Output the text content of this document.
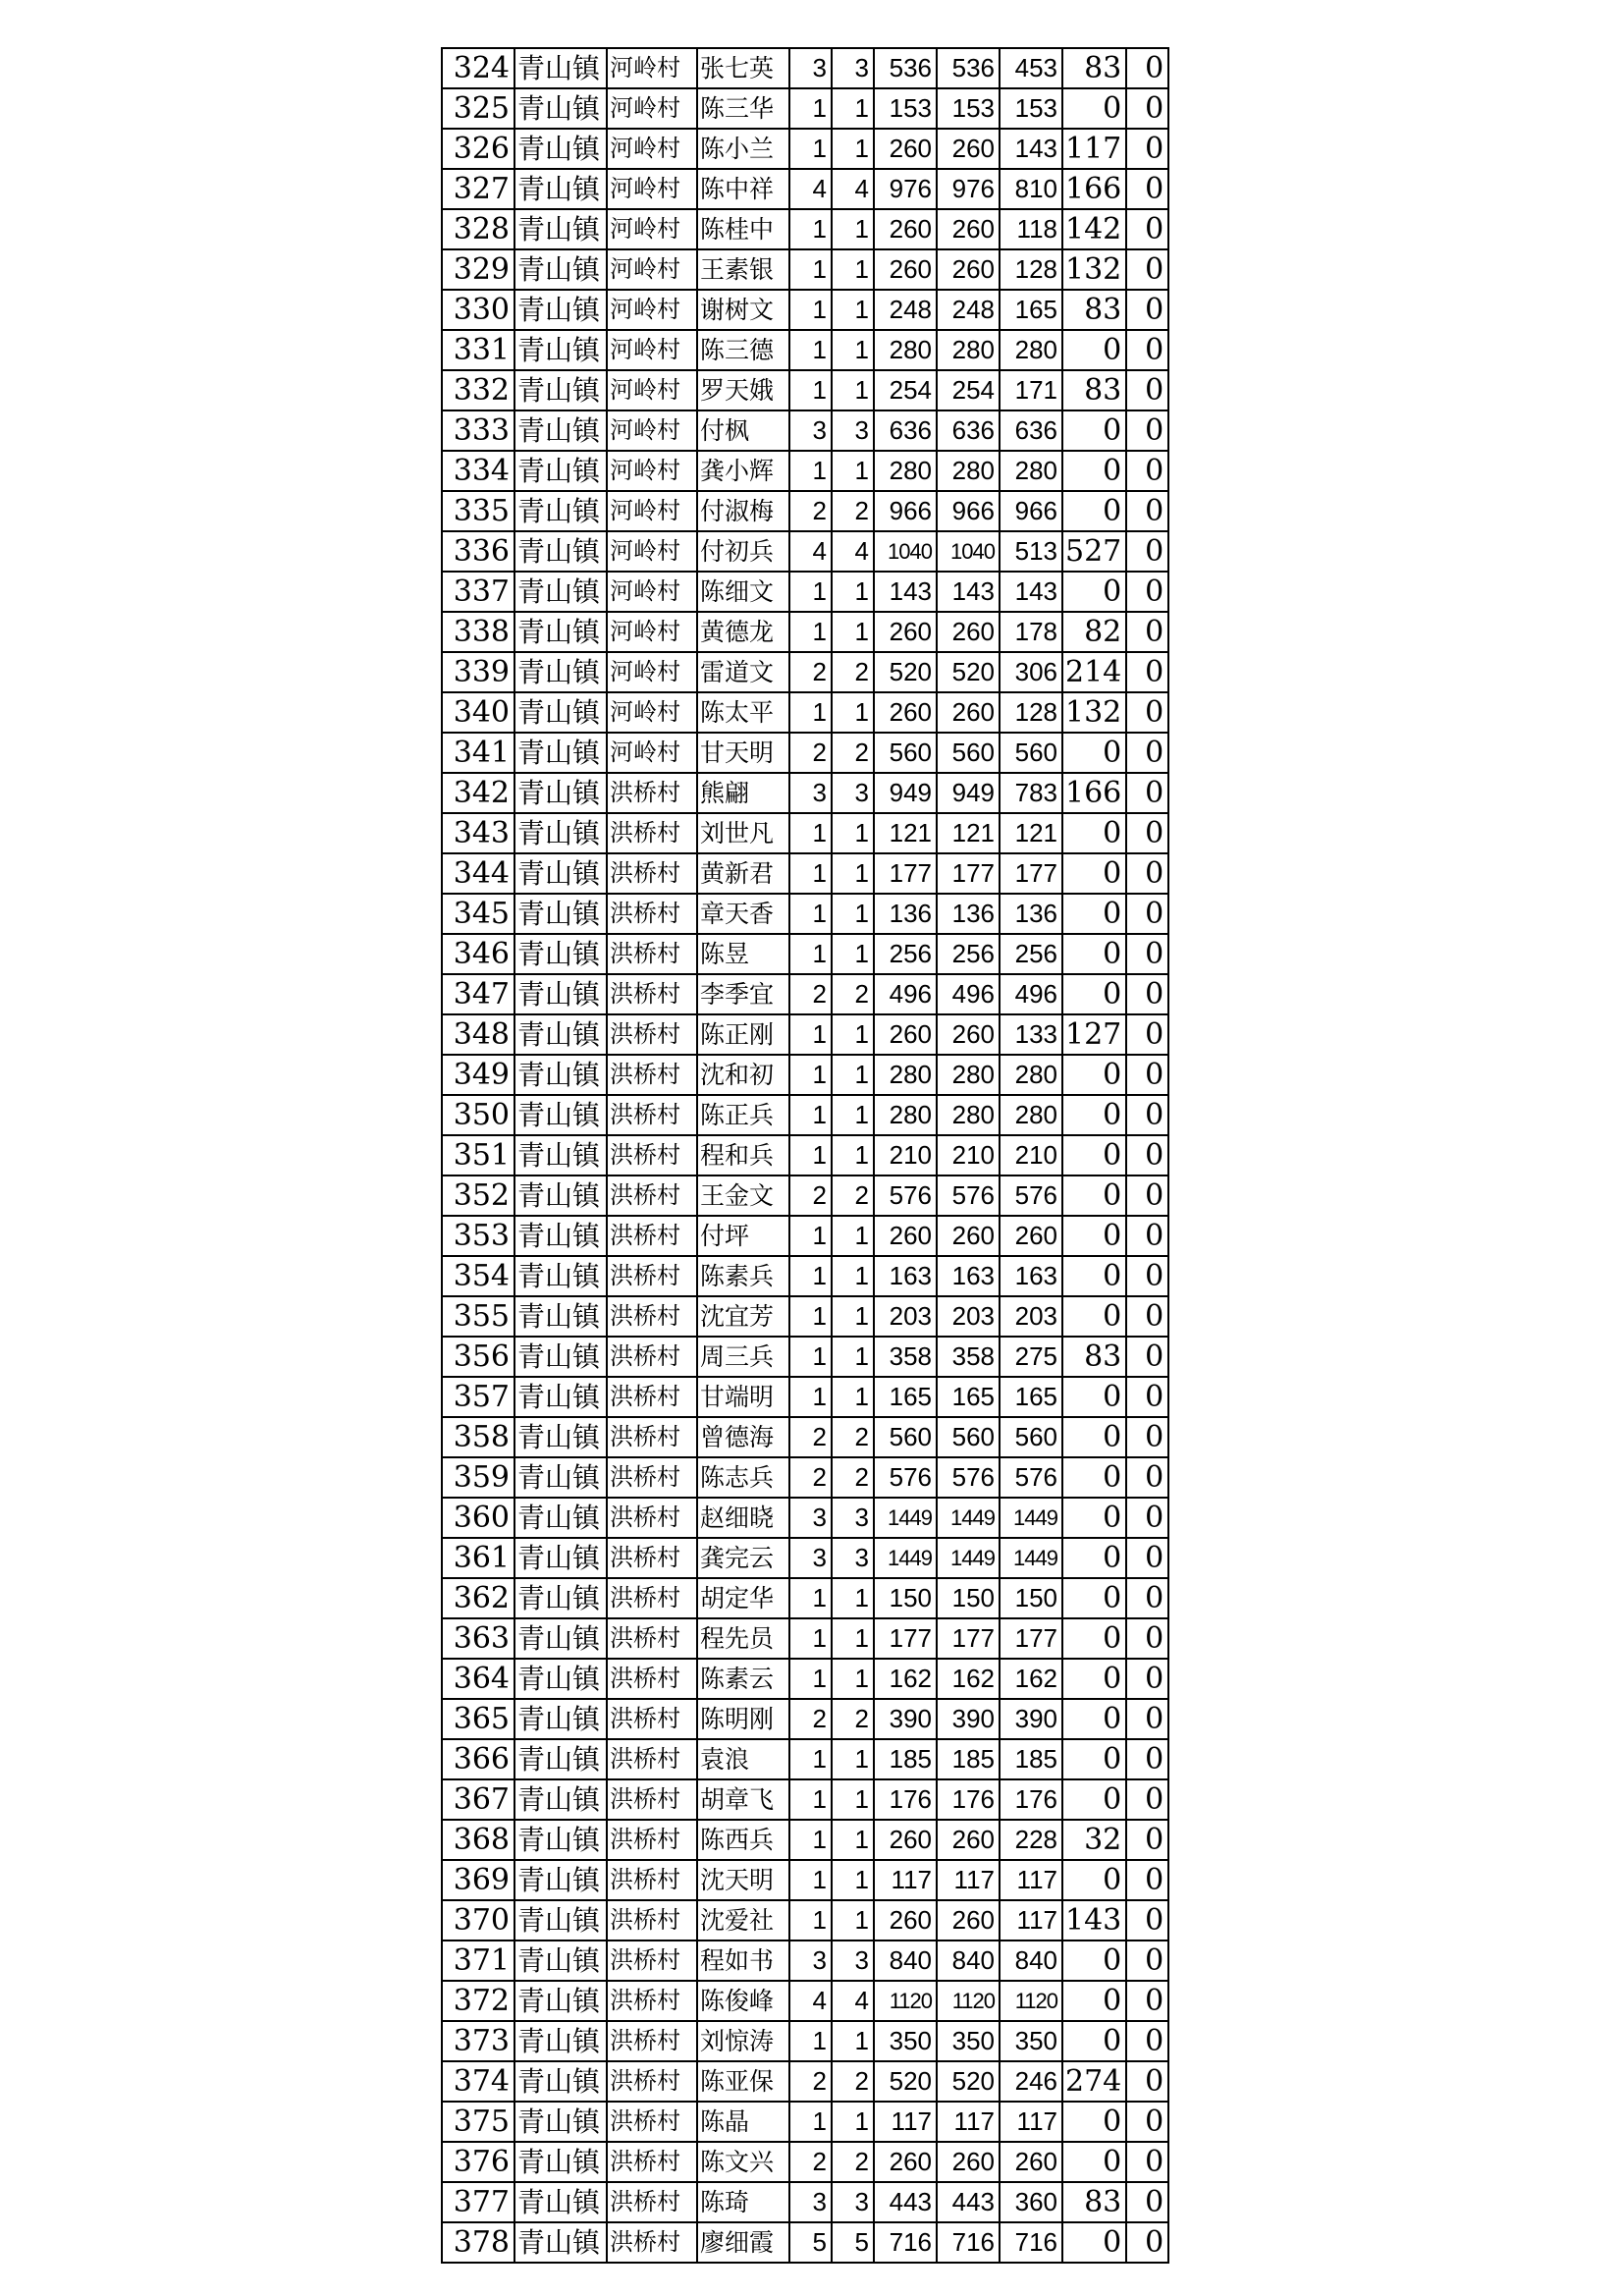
324	青山镇	河岭村	张七英	3	3	536	536	453	83	0
325	青山镇	河岭村	陈三华	1	1	153	153	153	0	0
326	青山镇	河岭村	陈小兰	1	1	260	260	143	117	0
327	青山镇	河岭村	陈中祥	4	4	976	976	810	166	0
328	青山镇	河岭村	陈桂中	1	1	260	260	118	142	0
329	青山镇	河岭村	王素银	1	1	260	260	128	132	0
330	青山镇	河岭村	谢树文	1	1	248	248	165	83	0
331	青山镇	河岭村	陈三德	1	1	280	280	280	0	0
332	青山镇	河岭村	罗天娥	1	1	254	254	171	83	0
333	青山镇	河岭村	付枫	3	3	636	636	636	0	0
334	青山镇	河岭村	龚小辉	1	1	280	280	280	0	0
335	青山镇	河岭村	付淑梅	2	2	966	966	966	0	0
336	青山镇	河岭村	付初兵	4	4	1040	1040	513	527	0
337	青山镇	河岭村	陈细文	1	1	143	143	143	0	0
338	青山镇	河岭村	黄德龙	1	1	260	260	178	82	0
339	青山镇	河岭村	雷道文	2	2	520	520	306	214	0
340	青山镇	河岭村	陈太平	1	1	260	260	128	132	0
341	青山镇	河岭村	甘天明	2	2	560	560	560	0	0
342	青山镇	洪桥村	熊翩	3	3	949	949	783	166	0
343	青山镇	洪桥村	刘世凡	1	1	121	121	121	0	0
344	青山镇	洪桥村	黄新君	1	1	177	177	177	0	0
345	青山镇	洪桥村	章天香	1	1	136	136	136	0	0
346	青山镇	洪桥村	陈昱	1	1	256	256	256	0	0
347	青山镇	洪桥村	李季宜	2	2	496	496	496	0	0
348	青山镇	洪桥村	陈正刚	1	1	260	260	133	127	0
349	青山镇	洪桥村	沈和初	1	1	280	280	280	0	0
350	青山镇	洪桥村	陈正兵	1	1	280	280	280	0	0
351	青山镇	洪桥村	程和兵	1	1	210	210	210	0	0
352	青山镇	洪桥村	王金文	2	2	576	576	576	0	0
353	青山镇	洪桥村	付坪	1	1	260	260	260	0	0
354	青山镇	洪桥村	陈素兵	1	1	163	163	163	0	0
355	青山镇	洪桥村	沈宜芳	1	1	203	203	203	0	0
356	青山镇	洪桥村	周三兵	1	1	358	358	275	83	0
357	青山镇	洪桥村	甘端明	1	1	165	165	165	0	0
358	青山镇	洪桥村	曾德海	2	2	560	560	560	0	0
359	青山镇	洪桥村	陈志兵	2	2	576	576	576	0	0
360	青山镇	洪桥村	赵细晓	3	3	1449	1449	1449	0	0
361	青山镇	洪桥村	龚完云	3	3	1449	1449	1449	0	0
362	青山镇	洪桥村	胡定华	1	1	150	150	150	0	0
363	青山镇	洪桥村	程先员	1	1	177	177	177	0	0
364	青山镇	洪桥村	陈素云	1	1	162	162	162	0	0
365	青山镇	洪桥村	陈明刚	2	2	390	390	390	0	0
366	青山镇	洪桥村	袁浪	1	1	185	185	185	0	0
367	青山镇	洪桥村	胡章飞	1	1	176	176	176	0	0
368	青山镇	洪桥村	陈西兵	1	1	260	260	228	32	0
369	青山镇	洪桥村	沈天明	1	1	117	117	117	0	0
370	青山镇	洪桥村	沈爱社	1	1	260	260	117	143	0
371	青山镇	洪桥村	程如书	3	3	840	840	840	0	0
372	青山镇	洪桥村	陈俊峰	4	4	1120	1120	1120	0	0
373	青山镇	洪桥村	刘惊涛	1	1	350	350	350	0	0
374	青山镇	洪桥村	陈亚保	2	2	520	520	246	274	0
375	青山镇	洪桥村	陈晶	1	1	117	117	117	0	0
376	青山镇	洪桥村	陈文兴	2	2	260	260	260	0	0
377	青山镇	洪桥村	陈琦	3	3	443	443	360	83	0
378	青山镇	洪桥村	廖细霞	5	5	716	716	716	0	0
